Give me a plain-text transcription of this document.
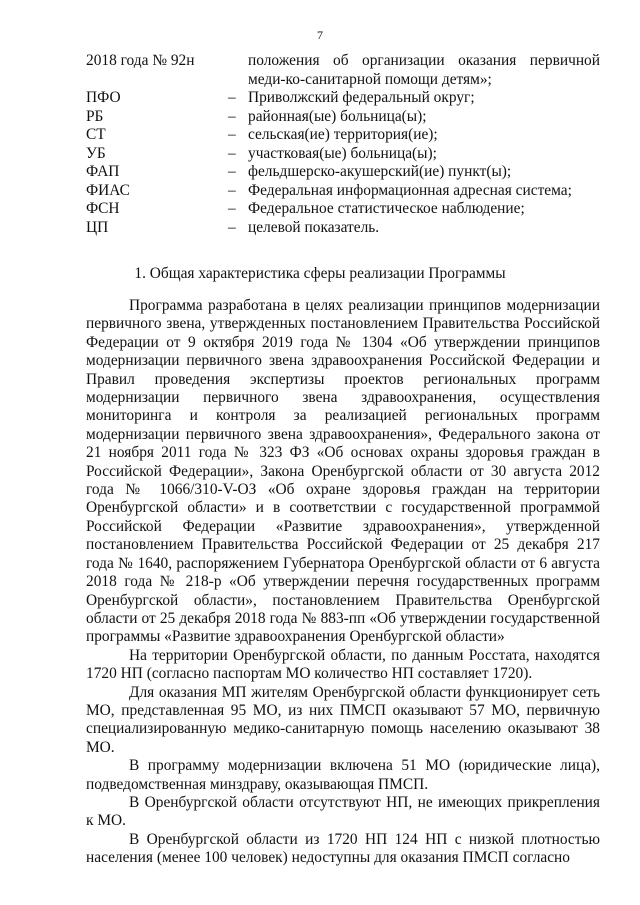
7
2018 года № 92н	положения об организации оказания первичной меди-ко-санитарной помощи детям»;
ПФО	– Приволжский федеральный округ;
РБ	– районная(ые) больница(ы);
СТ	– сельская(ие) территория(ие);
УБ	– участковая(ые) больница(ы);
ФАП	– фельдшерско-акушерский(ие) пункт(ы);
ФИАС	– Федеральная информационная адресная система;
ФСН	– Федеральное статистическое наблюдение;
ЦП	– целевой показатель.
1. Общая характеристика сферы реализации Программы

Программа разработана в целях реализации принципов модернизации первичного звена, утвержденных постановлением Правительства Российской Федерации от 9 октября 2019 года № 1304 «Об утверждении принципов модернизации первичного звена здравоохранения Российской Федерации и Правил проведения экспертизы проектов региональных программ модернизации первичного звена здравоохранения, осуществления мониторинга и контроля за реализацией региональных программ модернизации первичного звена здравоохранения», Федерального закона от 21 ноября 2011 года № 323 ФЗ «Об основах охраны здоровья граждан в Российской Федерации», Закона Оренбургской области от 30 августа 2012 года № 1066/310-V-ОЗ «Об охране здоровья граждан на территории Оренбургской области» и в соответствии с государственной программой Российской Федерации «Развитие здравоохранения», утвержденной постановлением Правительства Российской Федерации от 25 декабря 217 года № 1640, распоряжением Губернатора Оренбургской области от 6 августа 2018 года № 218-р «Об утверждении перечня государственных программ Оренбургской области», постановлением Правительства Оренбургской области от 25 декабря 2018 года № 883-пп «Об утверждении государственной программы «Развитие здравоохранения Оренбургской области»

На территории Оренбургской области, по данным Росстата, находятся 1720 НП (согласно паспортам МО количество НП составляет 1720).

Для оказания МП жителям Оренбургской области функционирует сеть МО, представленная 95 МО, из них ПМСП оказывают 57 МО, первичную специализированную медико-санитарную помощь населению оказывают 38 МО.

В программу модернизации включена 51 МО (юридические лица), подведомственная минздраву, оказывающая ПМСП.

В Оренбургской области отсутствуют НП, не имеющих прикрепления к МО.

В Оренбургской области из 1720 НП 124 НП с низкой плотностью населения (менее 100 человек) недоступны для оказания ПМСП согласно
